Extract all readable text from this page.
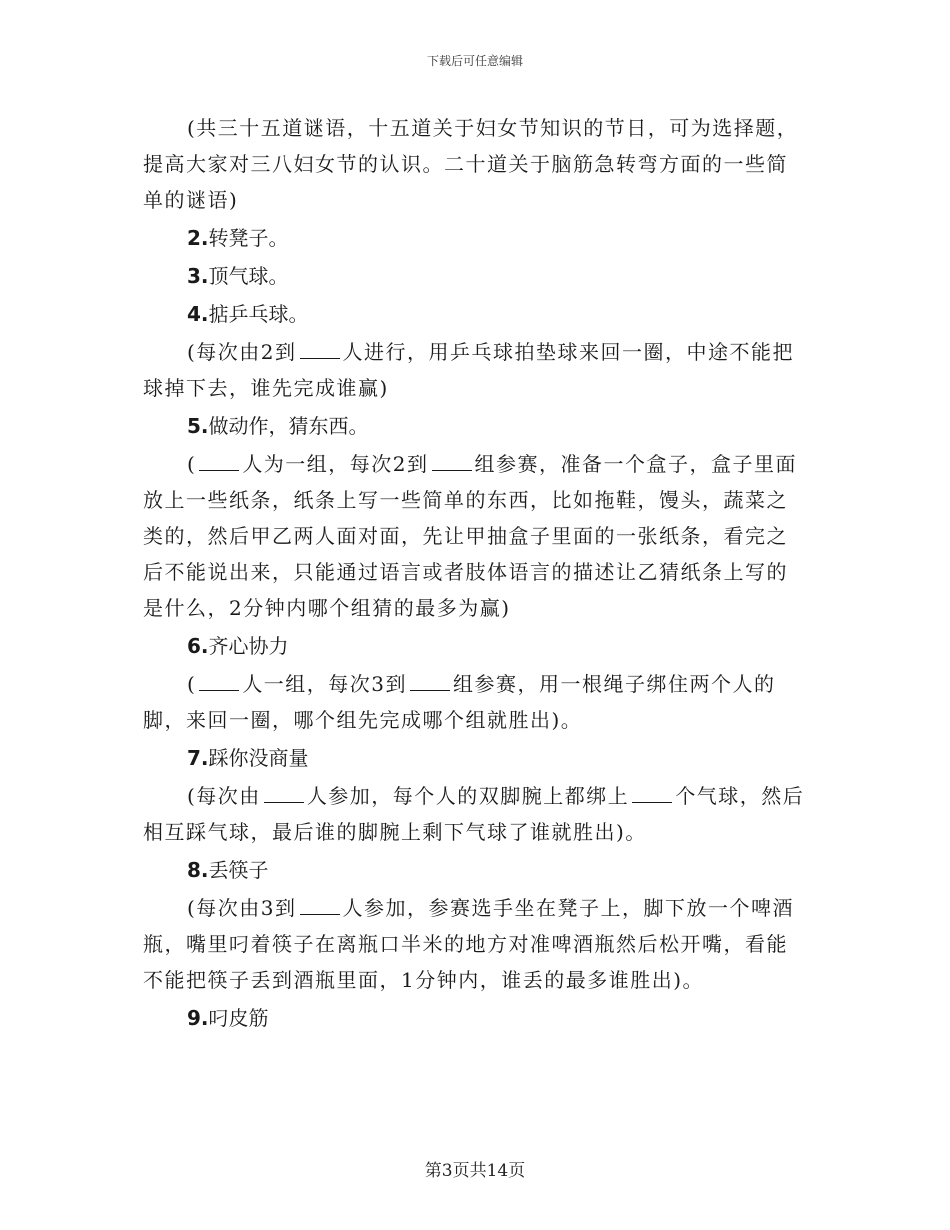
下载后可任意编辑

(共三十五道谜语，十五道关于妇女节知识的节日，可为选择题，提高大家对三八妇女节的认识。二十道关于脑筋急转弯方面的一些简单的谜语)

2.转凳子。
3.顶气球。
4.掂乒乓球。

(每次由2到 人进行，用乒乓球拍垫球来回一圈，中途不能把球掉下去，谁先完成谁赢)

5.做动作，猜东西。

( 人为一组，每次2到 组参赛，准备一个盒子，盒子里面放上一些纸条，纸条上写一些简单的东西，比如拖鞋，馒头，蔬菜之类的，然后甲乙两人面对面，先让甲抽盒子里面的一张纸条，看完之后不能说出来，只能通过语言或者肢体语言的描述让乙猜纸条上写的是什么，2分钟内哪个组猜的最多为赢)

6.齐心协力

( 人一组，每次3到 组参赛，用一根绳子绑住两个人的脚，来回一圈，哪个组先完成哪个组就胜出)。

7.踩你没商量

(每次由 人参加，每个人的双脚腕上都绑上 个气球，然后相互踩气球，最后谁的脚腕上剩下气球了谁就胜出)。

8.丢筷子

(每次由3到 人参加，参赛选手坐在凳子上，脚下放一个啤酒瓶，嘴里叼着筷子在离瓶口半米的地方对准啤酒瓶然后松开嘴，看能不能把筷子丢到酒瓶里面，1分钟内，谁丢的最多谁胜出)。

9.叼皮筋
第3页共14页
